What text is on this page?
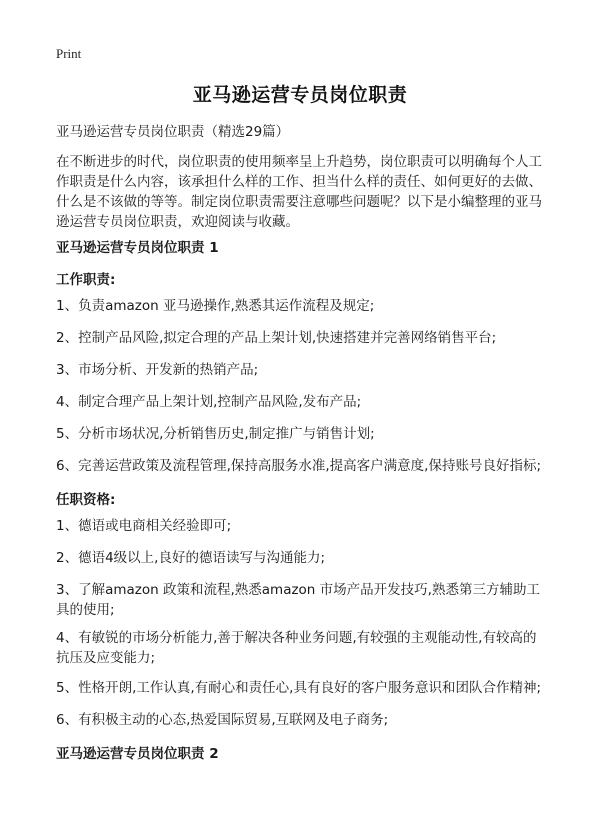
Print
亚马逊运营专员岗位职责
亚马逊运营专员岗位职责（精选29篇）
在不断进步的时代，岗位职责的使用频率呈上升趋势，岗位职责可以明确每个人工作职责是什么内容，该承担什么样的工作、担当什么样的责任、如何更好的去做、什么是不该做的等等。制定岗位职责需要注意哪些问题呢？以下是小编整理的亚马逊运营专员岗位职责，欢迎阅读与收藏。
亚马逊运营专员岗位职责 1
工作职责:
1、负责amazon 亚马逊操作,熟悉其运作流程及规定;
2、控制产品风险,拟定合理的产品上架计划,快速搭建并完善网络销售平台;
3、市场分析、开发新的热销产品;
4、制定合理产品上架计划,控制产品风险,发布产品;
5、分析市场状况,分析销售历史,制定推广与销售计划;
6、完善运营政策及流程管理,保持高服务水准,提高客户满意度,保持账号良好指标;
任职资格:
1、德语或电商相关经验即可;
2、德语4级以上,良好的德语读写与沟通能力;
3、了解amazon 政策和流程,熟悉amazon 市场产品开发技巧,熟悉第三方辅助工具的使用;
4、有敏锐的市场分析能力,善于解决各种业务问题,有较强的主观能动性,有较高的抗压及应变能力;
5、性格开朗,工作认真,有耐心和责任心,具有良好的客户服务意识和团队合作精神;
6、有积极主动的心态,热爱国际贸易,互联网及电子商务;
亚马逊运营专员岗位职责 2
